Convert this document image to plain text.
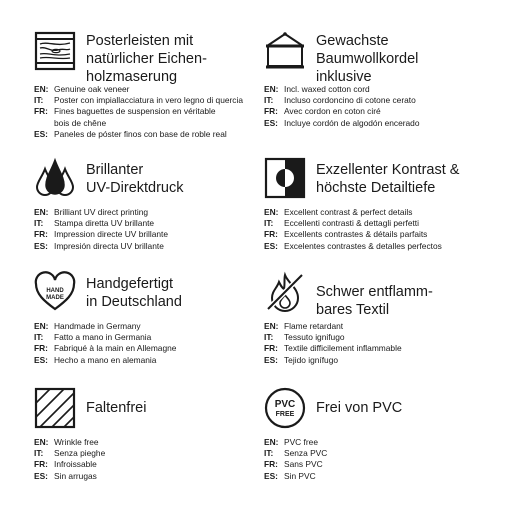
Posterleisten mit
natürlicher Eichen-
holzmaserung
EN: Genuine oak veneer
IT:	Poster con impiallacciatura in vero legno di quercia
FR: Fines baguettes de suspension en véritable
bois de chêne
ES: Paneles de póster finos con base de roble real
Gewachste
Baumwollkordel
inklusive
EN: Incl. waxed cotton cord
IT:	Incluso cordoncino di cotone cerato
FR: Avec cordon en coton ciré
ES: Incluye cordón de algodón encerado
Brillanter
UV-Direktdruck
EN: Brilliant UV direct printing
IT:	Stampa diretta UV brillante
FR: Impression directe UV brillante
ES: Impresión directa UV brillante
Exzellenter Kontrast &
höchste Detailtiefe
EN: Excellent contrast & perfect details
IT:	Eccellenti contrasti & dettagli perfetti
FR: Excellents contrastes & détails parfaits
ES: Excelentes contrastes & detalles perfectos
HAND
MADE
Handgefertigt
in Deutschland
EN: Handmade in Germany
IT:	Fatto a mano in Germania
FR: Fabriqué à la main en Allemagne
ES: Hecho a mano en alemania
Schwer entflamm-
bares Textil
EN: Flame retardant
IT:	Tessuto ignifugo
FR: Textile difficilement inflammable
ES: Tejido ignífugo
Faltenfrei
EN: Wrinkle free
IT:	Senza pieghe
FR: Infroissable
ES: Sin arrugas
PVC
FREE Frei von PVC
EN: PVC free
IT:	Senza PVC
FR: Sans PVC
ES: Sin PVC
